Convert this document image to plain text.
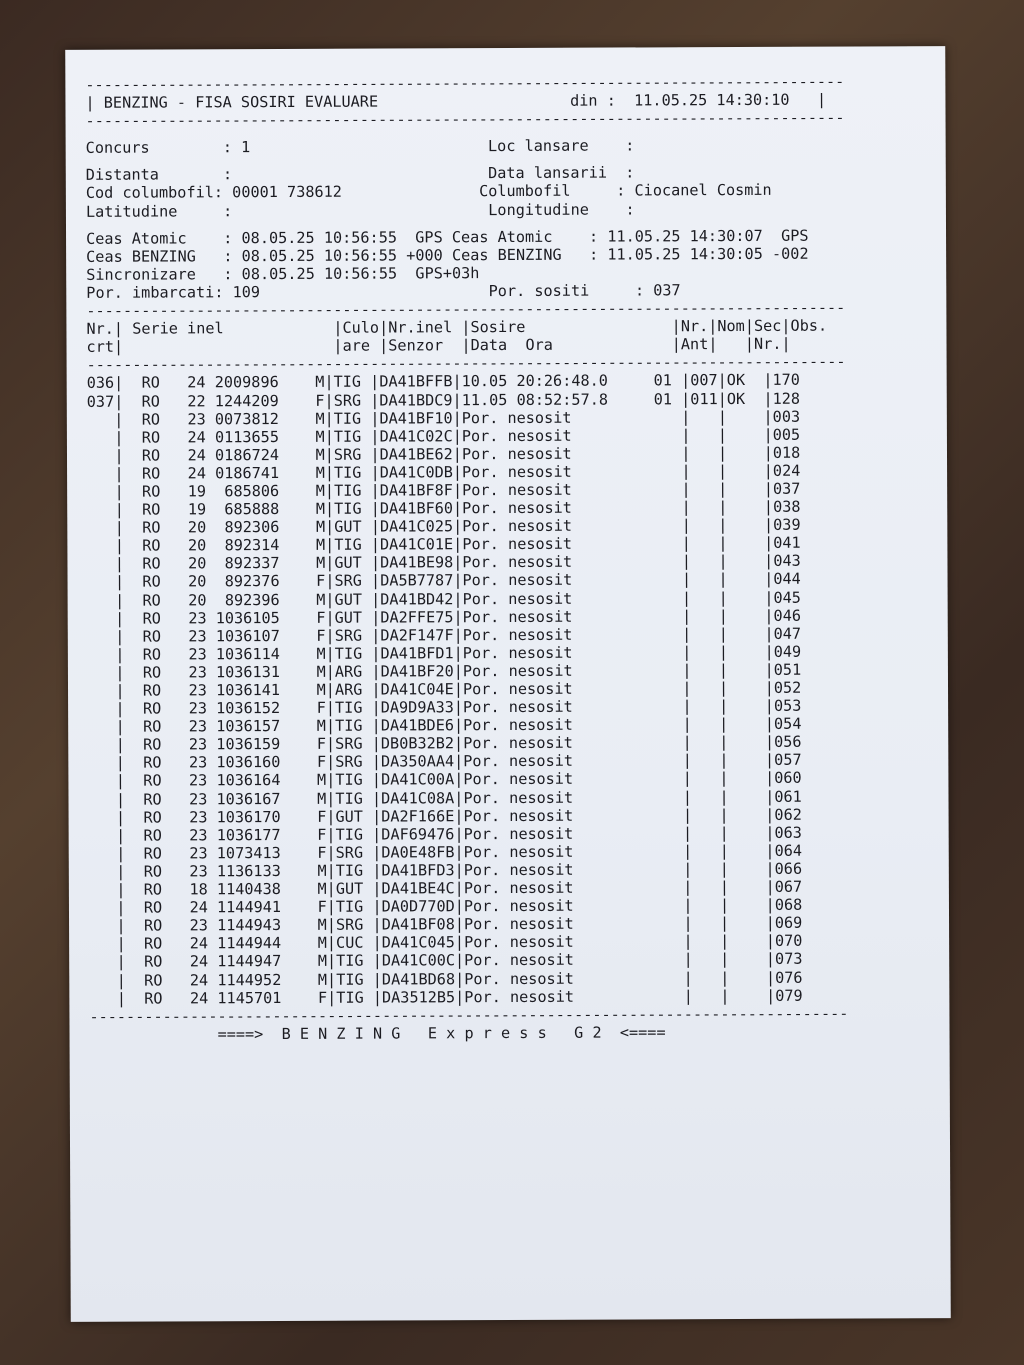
-----------------------------------------------------------------------------------
| BENZING - FISA SOSIRI EVALUARE	din : 11.05.25 14:30:10   |
-----------------------------------------------------------------------------------
Concurs        : 1	Loc lansare    :
Distanta       :                            Data lansarii  :
Cod columbofil: 00001 738612	Columbofil     : Ciocanel Cosmin
Latitudine     :                            Longitudine    :
Ceas Atomic    : 08.05.25 10:56:55 GPS Ceas Atomic    : 11.05.25 14:30:07 GPS
Ceas BENZING   : 08.05.25 10:56:55 +000 Ceas BENZING   : 11.05.25 14:30:05 -002
Sincronizare   : 08.05.25 10:56:55 GPS+03h
Por. imbarcati: 109	Por. sositi     : 037
-----------------------------------------------------------------------------------
Nr.| Serie inel            |Culo|Nr.inel |Sosire                |Nr.|Nom|Sec|Obs.
crt|                       |are |Senzor  |Data  Ora             |Ant|   |Nr.|
-----------------------------------------------------------------------------------
036|  RO   24 2009896    M|TIG |DA41BFFB|10.05 20:26:48.0     01 |007|OK  |170
037|  RO   22 1244209    F|SRG |DA41BDC9|11.05 08:52:57.8     01 |011|OK  |128
|  RO   23 0073812    M|TIG |DA41BF10|Por. nesosit            |   |    |003
|  RO   24 0113655    M|TIG |DA41C02C|Por. nesosit            |   |    |005
|  RO   24 0186724    M|SRG |DA41BE62|Por. nesosit            |   |    |018
|  RO   24 0186741    M|TIG |DA41C0DB|Por. nesosit            |   |    |024
|  RO   19  685806    M|TIG |DA41BF8F|Por. nesosit            |   |    |037
|  RO   19  685888    M|TIG |DA41BF60|Por. nesosit            |   |    |038
|  RO   20  892306    M|GUT |DA41C025|Por. nesosit            |   |    |039
|  RO   20  892314    M|TIG |DA41C01E|Por. nesosit            |   |    |041
|  RO   20  892337    M|GUT |DA41BE98|Por. nesosit            |   |    |043
|  RO   20  892376    F|SRG |DA5B7787|Por. nesosit            |   |    |044
|  RO   20  892396    M|GUT |DA41BD42|Por. nesosit            |   |    |045
|  RO   23 1036105    F|GUT |DA2FFE75|Por. nesosit            |   |    |046
|  RO   23 1036107    F|SRG |DA2F147F|Por. nesosit            |   |    |047
|  RO   23 1036114    M|TIG |DA41BFD1|Por. nesosit            |   |    |049
|  RO   23 1036131    M|ARG |DA41BF20|Por. nesosit            |   |    |051
|  RO   23 1036141    M|ARG |DA41C04E|Por. nesosit            |   |    |052
|  RO   23 1036152    F|TIG |DA9D9A33|Por. nesosit            |   |    |053
|  RO   23 1036157    M|TIG |DA41BDE6|Por. nesosit            |   |    |054
|  RO   23 1036159    F|SRG |DB0B32B2|Por. nesosit            |   |    |056
|  RO   23 1036160    F|SRG |DA350AA4|Por. nesosit            |   |    |057
|  RO   23 1036164    M|TIG |DA41C00A|Por. nesosit            |   |    |060
|  RO   23 1036167    M|TIG |DA41C08A|Por. nesosit            |   |    |061
|  RO   23 1036170    F|GUT |DA2F166E|Por. nesosit            |   |    |062
|  RO   23 1036177    F|TIG |DAF69476|Por. nesosit            |   |    |063
|  RO   23 1073413    F|SRG |DA0E48FB|Por. nesosit            |   |    |064
|  RO   23 1136133    M|TIG |DA41BFD3|Por. nesosit            |   |    |066
|  RO   18 1140438    M|GUT |DA41BE4C|Por. nesosit            |   |    |067
|  RO   24 1144941    F|TIG |DA0D770D|Por. nesosit            |   |    |068
|  RO   23 1144943    M|SRG |DA41BF08|Por. nesosit            |   |    |069
|  RO   24 1144944    M|CUC |DA41C045|Por. nesosit            |   |    |070
|  RO   24 1144947    M|TIG |DA41C00C|Por. nesosit            |   |    |073
|  RO   24 1144952    M|TIG |DA41BD68|Por. nesosit            |   |    |076
|  RO   24 1145701    F|TIG |DA3512B5|Por. nesosit            |   |    |079
-----------------------------------------------------------------------------------
====>  B E N Z I N G   E x p r e s s   G 2  <====
